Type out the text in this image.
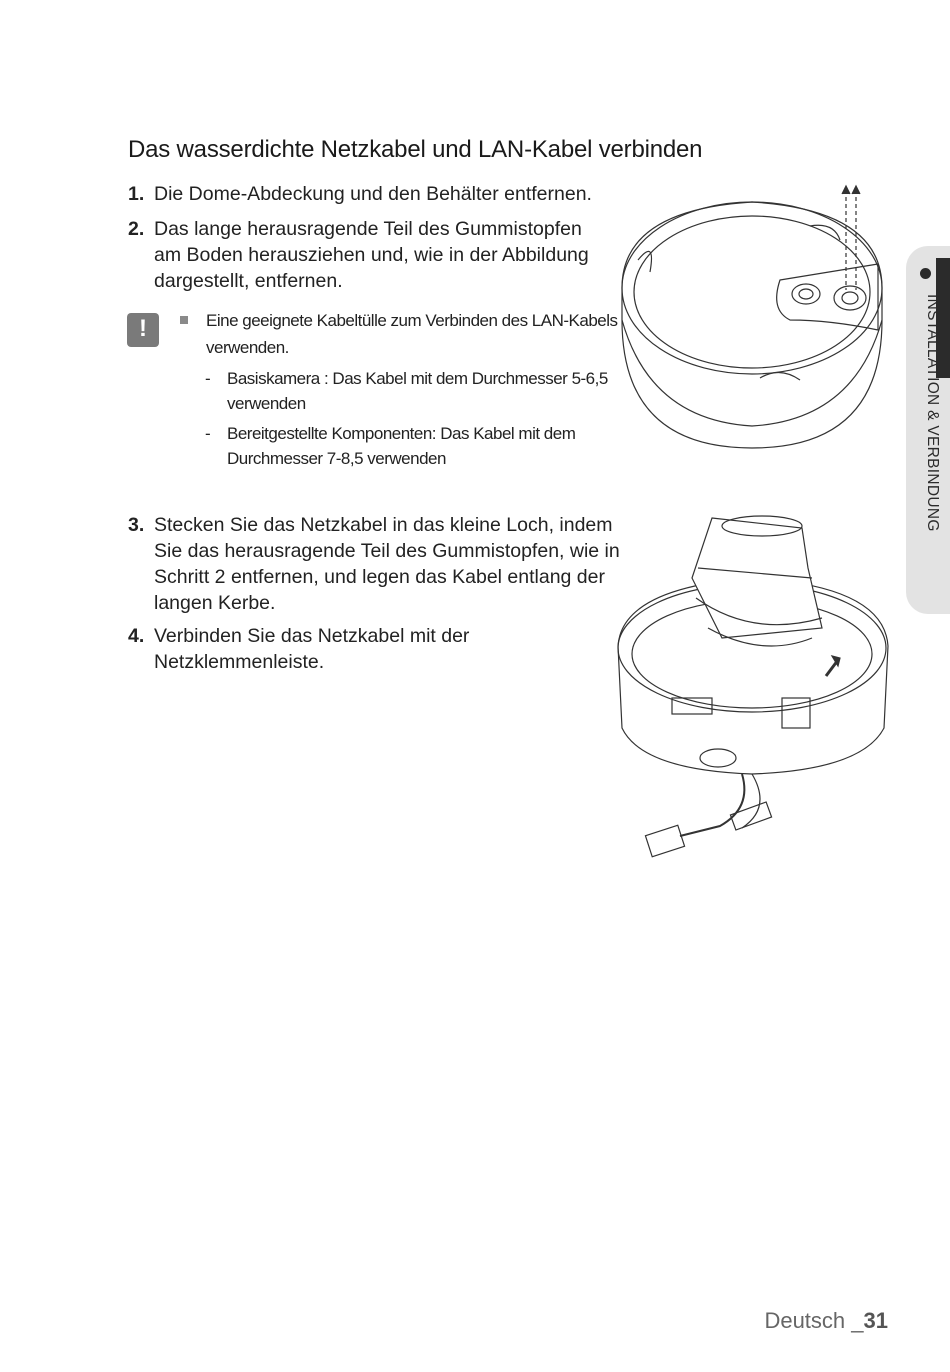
Das wasserdichte Netzkabel und LAN-Kabel verbinden
1. Die Dome-Abdeckung und den Behälter entfernen.
2. Das lange herausragende Teil des Gummistopfen am Boden herausziehen und, wie in der Abbildung dargestellt, entfernen.
!	Eine geeignete Kabeltülle zum Verbinden des LAN-Kabels verwenden.
- Basiskamera : Das Kabel mit dem Durchmesser 5-6,5 verwenden
- Bereitgestellte Komponenten: Das Kabel mit dem Durchmesser 7-8,5 verwenden
3. Stecken Sie das Netzkabel in das kleine Loch, indem Sie das herausragende Teil des Gummistopfen, wie in Schritt 2 entfernen, und legen das Kabel entlang der langen Kerbe.
4. Verbinden Sie das Netzkabel mit der Netzklemmenleiste.
INSTALLATION & VERBINDUNG
Deutsch _31
